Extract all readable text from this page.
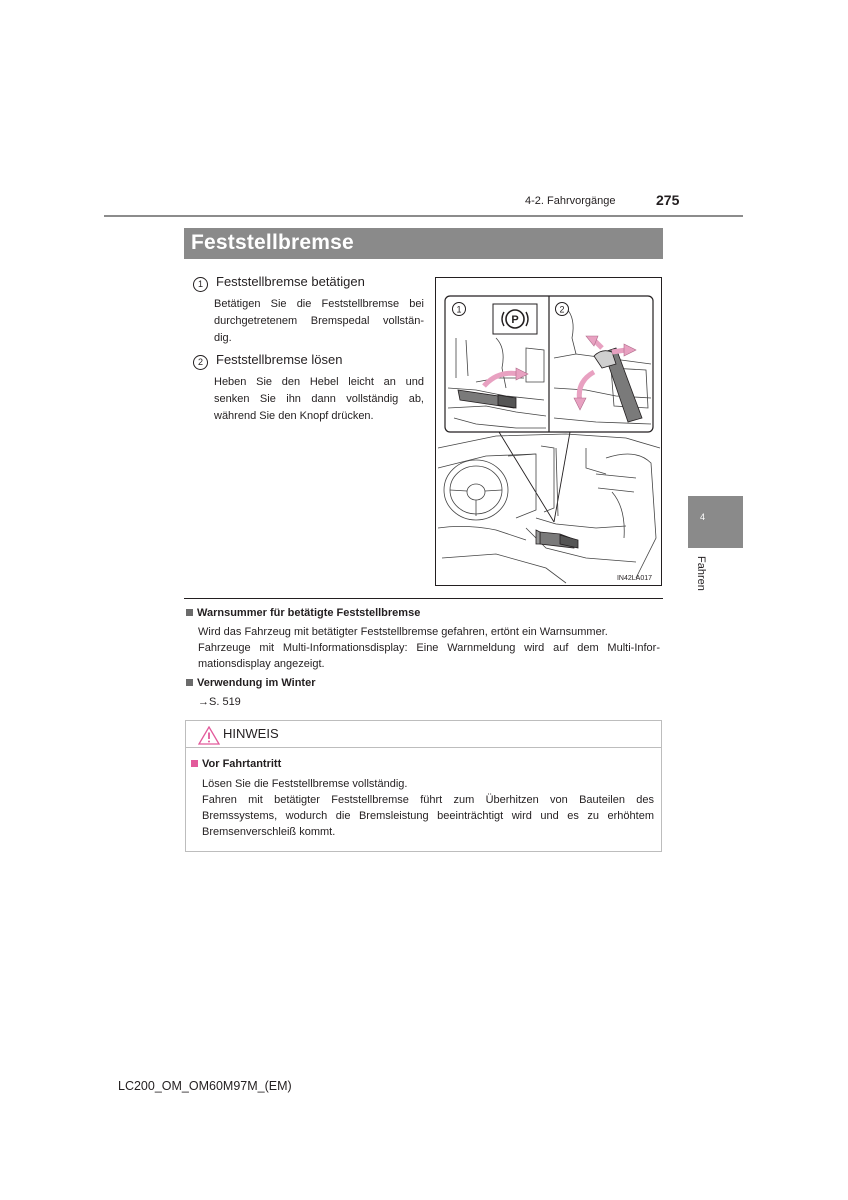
4-2. Fahrvorgänge	275
Feststellbremse
1 Feststellbremse betätigen
Betätigen Sie die Feststellbremse bei
durchgetretenem Bremspedal vollstän-
dig.
2 Feststellbremse lösen
Heben Sie den Hebel leicht an und
senken Sie ihn dann vollständig ab,
während Sie den Knopf drücken.
P
1	2
IN42LA017
Warnsummer für betätigte Feststellbremse
Wird das Fahrzeug mit betätigter Feststellbremse gefahren, ertönt ein Warnsummer.
Fahrzeuge mit Multi-Informationsdisplay: Eine Warnmeldung wird auf dem Multi-Infor-
mationsdisplay angezeigt.
Verwendung im Winter
→S. 519
HINWEIS
Vor Fahrtantritt
Lösen Sie die Feststellbremse vollständig.
Fahren mit betätigter Feststellbremse führt zum Überhitzen von Bauteilen des
Bremssystems, wodurch die Bremsleistung beeinträchtigt wird und es zu erhöhtem
Bremsenverschleiß kommt.
4
Fahren
LC200_OM_OM60M97M_(EM)
